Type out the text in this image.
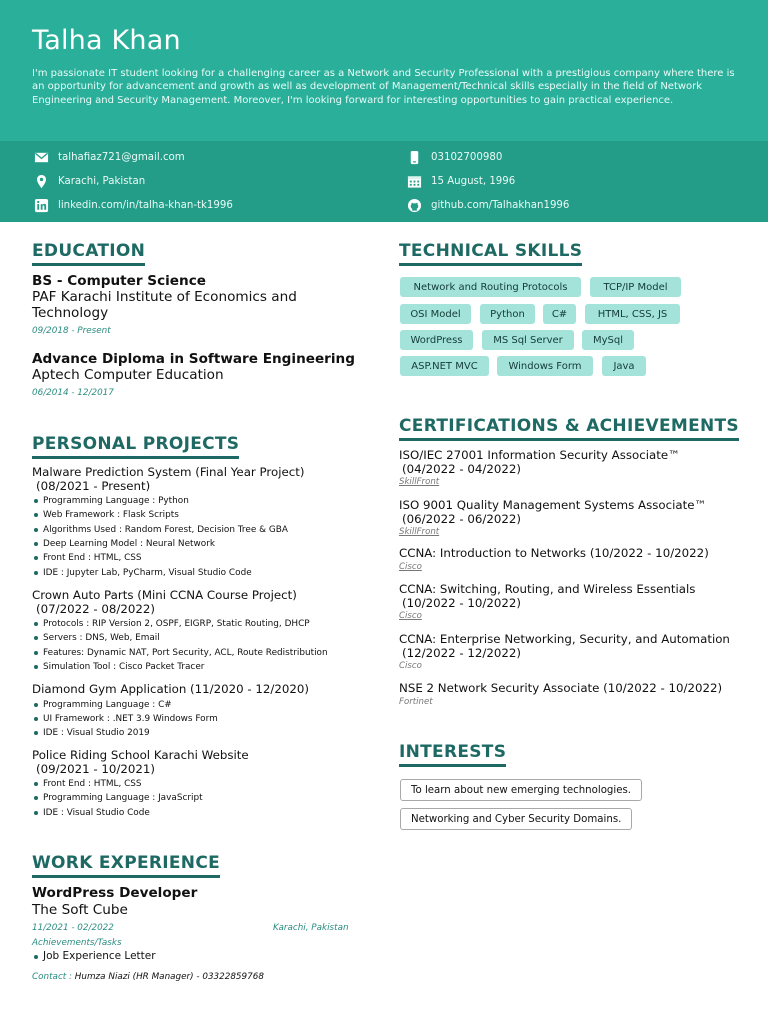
Talha Khan
I'm passionate IT student looking for a challenging career as a Network and Security Professional with a prestigious company where there is an opportunity for advancement and growth as well as development of Management/Technical skills especially in the field of Network Engineering and Security Management. Moreover, I'm looking forward for interesting opportunities to gain practical experience.
talhafiaz721@gmail.com	03102700980
Karachi, Pakistan	15 August, 1996
linkedin.com/in/talha-khan-tk1996	github.com/Talhakhan1996
EDUCATION
BS - Computer Science
PAF Karachi Institute of Economics and Technology
09/2018 - Present
Advance Diploma in Software Engineering
Aptech Computer Education
06/2014 - 12/2017
PERSONAL PROJECTS
Malware Prediction System (Final Year Project)
(08/2021 - Present)
Programming Language : Python
Web Framework : Flask Scripts
Algorithms Used : Random Forest, Decision Tree & GBA
Deep Learning Model : Neural Network
Front End : HTML, CSS
IDE : Jupyter Lab, PyCharm, Visual Studio Code
Crown Auto Parts (Mini CCNA Course Project)
(07/2022 - 08/2022)
Protocols : RIP Version 2, OSPF, EIGRP, Static Routing, DHCP
Servers : DNS, Web, Email
Features: Dynamic NAT, Port Security, ACL, Route Redistribution
Simulation Tool : Cisco Packet Tracer
Diamond Gym Application (11/2020 - 12/2020)
Programming Language : C#
UI Framework : .NET 3.9 Windows Form
IDE : Visual Studio 2019
Police Riding School Karachi Website
(09/2021 - 10/2021)
Front End : HTML, CSS
Programming Language : JavaScript
IDE : Visual Studio Code
WORK EXPERIENCE
WordPress Developer
The Soft Cube
11/2021 - 02/2022	Karachi, Pakistan
Achievements/Tasks
Job Experience Letter
Contact : Humza Niazi (HR Manager) - 03322859768
TECHNICAL SKILLS
Network and Routing Protocols	TCP/IP Model
OSI Model	Python	C#	HTML, CSS, JS
WordPress	MS Sql Server	MySql
ASP.NET MVC	Windows Form	Java
CERTIFICATIONS & ACHIEVEMENTS
ISO/IEC 27001 Information Security Associate™
(04/2022 - 04/2022)
SkillFront
ISO 9001 Quality Management Systems Associate™
(06/2022 - 06/2022)
SkillFront
CCNA: Introduction to Networks (10/2022 - 10/2022)
Cisco
CCNA: Switching, Routing, and Wireless Essentials
(10/2022 - 10/2022)
Cisco
CCNA: Enterprise Networking, Security, and Automation
(12/2022 - 12/2022)
Cisco
NSE 2 Network Security Associate (10/2022 - 10/2022)
Fortinet
INTERESTS
To learn about new emerging technologies.
Networking and Cyber Security Domains.
